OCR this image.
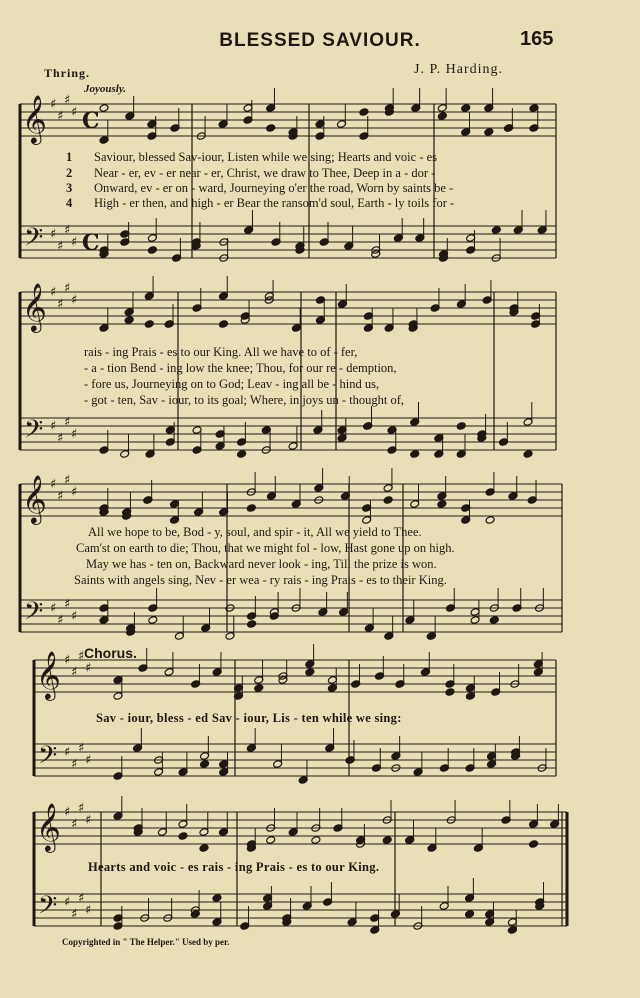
𝄞
𝄢
♯
♯
♯
♯
♯
♯
♯
♯
C
C
𝄞
𝄢
♯
♯
♯
♯
♯
♯
♯
♯
𝄞
𝄢
♯
♯
♯
♯
♯
♯
♯
♯
𝄞
𝄢
♯
♯
♯
♯
♯
♯
♯
♯
𝄞
𝄢
♯
♯
♯
♯
♯
♯
♯
♯
BLESSED SAVIOUR.	165
Thring.	J. P. Harding.
Joyously.
1
2
3
4
Saviour, blessed Sav-iour, Listen while we sing; Hearts and voic - es
Near - er, ev - er near - er, Christ, we draw to Thee, Deep in a - dor -
Onward, ev - er on - ward, Journeying o'er the road, Worn by saints be -
High - er then, and high - er Bear the ransom'd soul, Earth - ly toils for -
rais - ing Prais - es to our King. All we have to of - fer,
- a - tion Bend - ing low the knee; Thou, for our re - demption,
- fore us, Journeying on to God; Leav - ing all be - hind us,
- got - ten, Sav - iour, to its goal; Where, in joys un - thought of,
All we hope to be, Bod - y, soul, and spir - it, All we yield to Thee.
Cam'st on earth to die; Thou, that we might fol - low, Hast gone up on high.
May we has - ten on, Backward never look - ing, Till the prize is won.
Saints with angels sing, Nev - er wea - ry rais - ing Prais - es to their King.
Chorus.
Sav - iour, bless - ed Sav - iour, Lis - ten while we sing:
Hearts and voic - es rais - ing Prais - es to our King.
Copyrighted in " The Helper." Used by per.
